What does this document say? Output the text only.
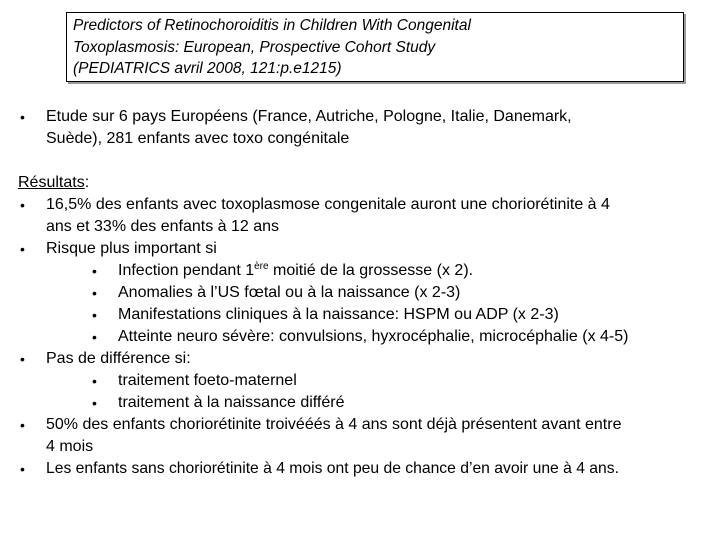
Predictors of Retinochoroiditis in Children With Congenital
Toxoplasmosis: European, Prospective Cohort Study
(PEDIATRICS avril 2008, 121:p.e1215)
• Etude sur 6 pays Européens (France, Autriche, Pologne, Italie, Danemark,
Suède), 281 enfants avec toxo congénitale
Résultats:
• 16,5% des enfants avec toxoplasmose congenitale auront une choriorétinite à 4
ans et 33% des enfants à 12 ans
• Risque plus important si
• Infection pendant 1ère moitié de la grossesse (x 2).
• Anomalies à l’US fœtal ou à la naissance (x 2-3)
• Manifestations cliniques à la naissance: HSPM ou ADP (x 2-3)
• Atteinte neuro sévère: convulsions, hyxrocéphalie, microcéphalie (x 4-5)
• Pas de différence si:
• traitement foeto-maternel
• traitement à la naissance différé
• 50% des enfants choriorétinite troivééés à 4 ans sont déjà présentent avant entre
4 mois
• Les enfants sans choriorétinite à 4 mois ont peu de chance d’en avoir une à 4 ans.
